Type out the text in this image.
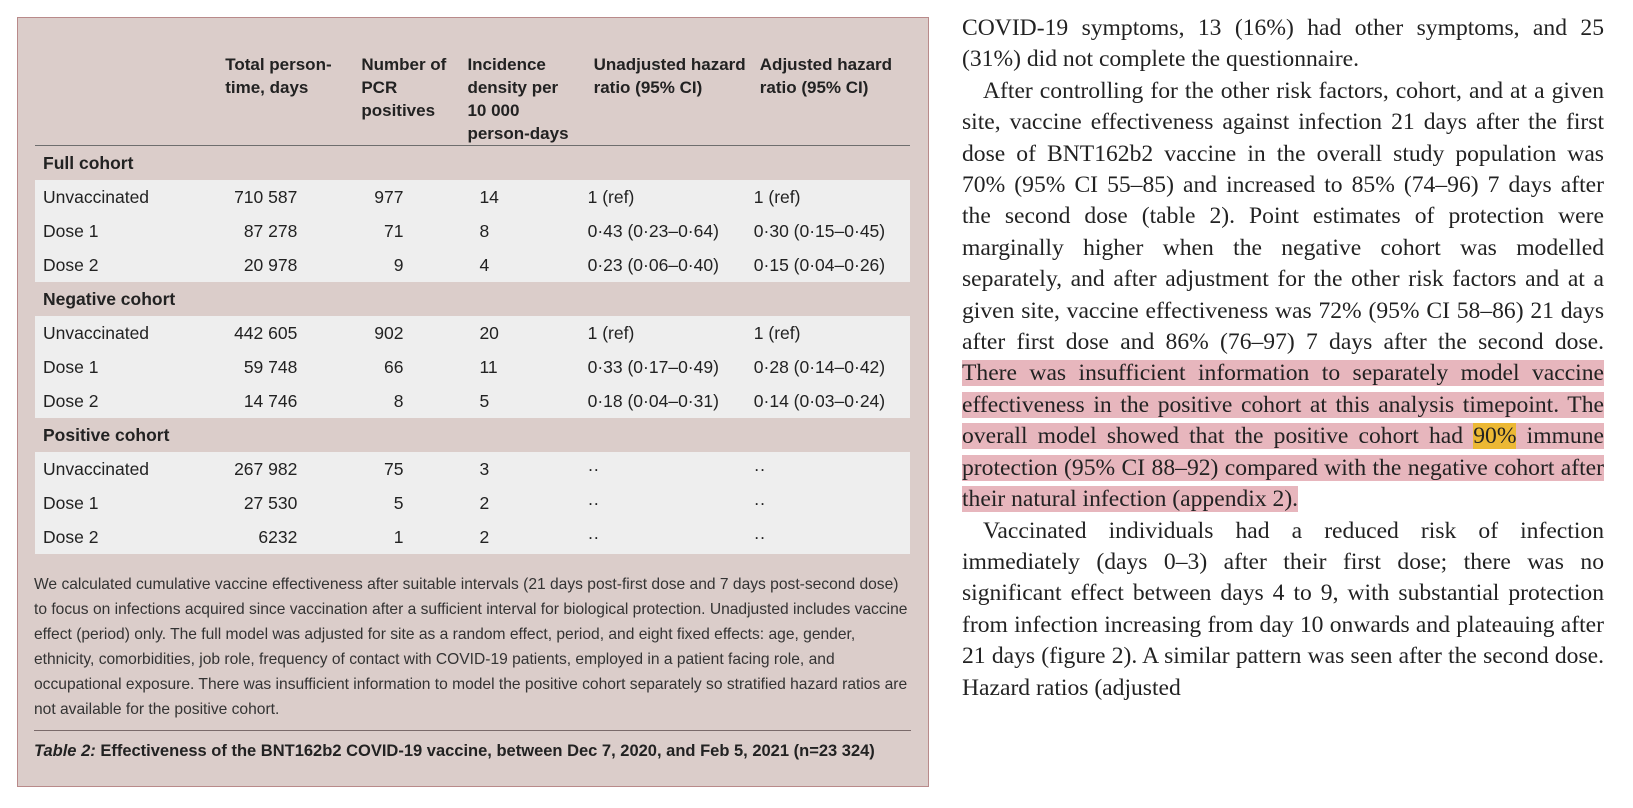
	Total person-time, days	Number of PCR positives	Incidence density per 10 000 person-days	Unadjusted hazard ratio (95% CI)	Adjusted hazard ratio (95% CI)
Full cohort					
Unvaccinated	710 587	977	14	1 (ref)	1 (ref)
Dose 1	87 278	71	8	0·43 (0·23–0·64)	0·30 (0·15–0·45)
Dose 2	20 978	9	4	0·23 (0·06–0·40)	0·15 (0·04–0·26)
Negative cohort					
Unvaccinated	442 605	902	20	1 (ref)	1 (ref)
Dose 1	59 748	66	11	0·33 (0·17–0·49)	0·28 (0·14–0·42)
Dose 2	14 746	8	5	0·18 (0·04–0·31)	0·14 (0·03–0·24)
Positive cohort					
Unvaccinated	267 982	75	3	··	··
Dose 1	27 530	5	2	··	··
Dose 2	6232	1	2	··	··
We calculated cumulative vaccine effectiveness after suitable intervals (21 days post-first dose and 7 days post-second dose) to focus on infections acquired since vaccination after a sufficient interval for biological protection. Unadjusted includes vaccine effect (period) only. The full model was adjusted for site as a random effect, period, and eight fixed effects: age, gender, ethnicity, comorbidities, job role, frequency of contact with COVID-19 patients, employed in a patient facing role, and occupational exposure. There was insufficient information to model the positive cohort separately so stratified hazard ratios are not available for the positive cohort.
Table 2: Effectiveness of the BNT162b2 COVID-19 vaccine, between Dec 7, 2020, and Feb 5, 2021 (n=23 324)

COVID-19 symptoms, 13 (16%) had other symptoms, and 25 (31%) did not complete the questionnaire.

After controlling for the other risk factors, cohort, and at a given site, vaccine effectiveness against infection 21 days after the first dose of BNT162b2 vaccine in the overall study population was 70% (95% CI 55–85) and increased to 85% (74–96) 7 days after the second dose (table 2). Point estimates of protection were marginally higher when the negative cohort was modelled separately, and after adjustment for the other risk factors and at a given site, vaccine effectiveness was 72% (95% CI 58–86) 21 days after first dose and 86% (76–97) 7 days after the second dose. There was insufficient information to separately model vaccine effectiveness in the positive cohort at this analysis timepoint. The overall model showed that the positive cohort had 90% immune protection (95% CI 88–92) compared with the negative cohort after their natural infection (appendix 2).

Vaccinated individuals had a reduced risk of infection immediately (days 0–3) after their first dose; there was no significant effect between days 4 to 9, with substantial protection from infection increasing from day 10 onwards and plateauing after 21 days (figure 2). A similar pattern was seen after the second dose. Hazard ratios (adjusted
